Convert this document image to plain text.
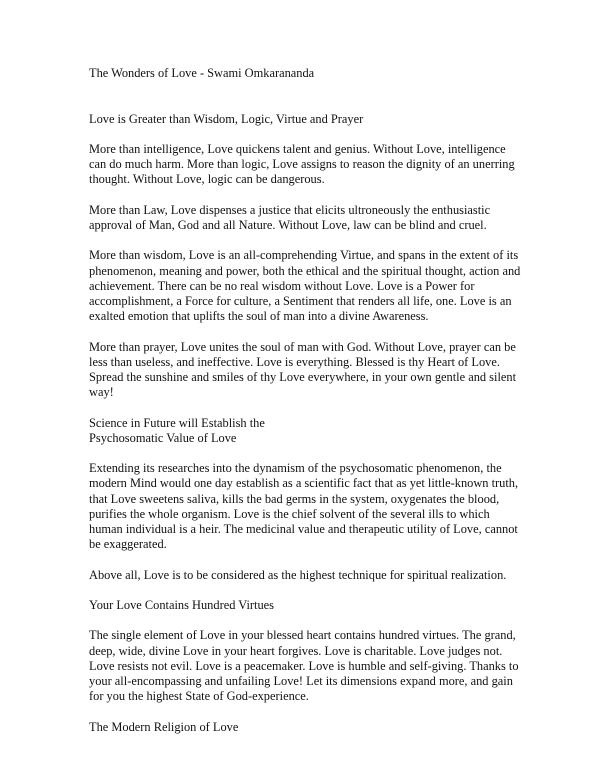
The Wonders of Love - Swami Omkarananda

Love is Greater than Wisdom, Logic, Virtue and Prayer

More than intelligence, Love quickens talent and genius. Without Love, intelligence can do much harm. More than logic, Love assigns to reason the dignity of an unerring thought. Without Love, logic can be dangerous.

More than Law, Love dispenses a justice that elicits ultroneously the enthusiastic approval of Man, God and all Nature. Without Love, law can be blind and cruel.

More than wisdom, Love is an all-comprehending Virtue, and spans in the extent of its phenomenon, meaning and power, both the ethical and the spiritual thought, action and achievement. There can be no real wisdom without Love. Love is a Power for accomplishment, a Force for culture, a Sentiment that renders all life, one. Love is an exalted emotion that uplifts the soul of man into a divine Awareness.

More than prayer, Love unites the soul of man with God. Without Love, prayer can be less than useless, and ineffective. Love is everything. Blessed is thy Heart of Love. Spread the sunshine and smiles of thy Love everywhere, in your own gentle and silent way!

Science in Future will Establish the
Psychosomatic Value of Love

Extending its researches into the dynamism of the psychosomatic phenomenon, the modern Mind would one day establish as a scientific fact that as yet little-known truth, that Love sweetens saliva, kills the bad germs in the system, oxygenates the blood, purifies the whole organism. Love is the chief solvent of the several ills to which human individual is a heir. The medicinal value and therapeutic utility of Love, cannot be exaggerated.

Above all, Love is to be considered as the highest technique for spiritual realization.

Your Love Contains Hundred Virtues

The single element of Love in your blessed heart contains hundred virtues. The grand, deep, wide, divine Love in your heart forgives. Love is charitable. Love judges not. Love resists not evil. Love is a peacemaker. Love is humble and self-giving. Thanks to your all-encompassing and unfailing Love! Let its dimensions expand more, and gain for you the highest State of God-experience.

The Modern Religion of Love
